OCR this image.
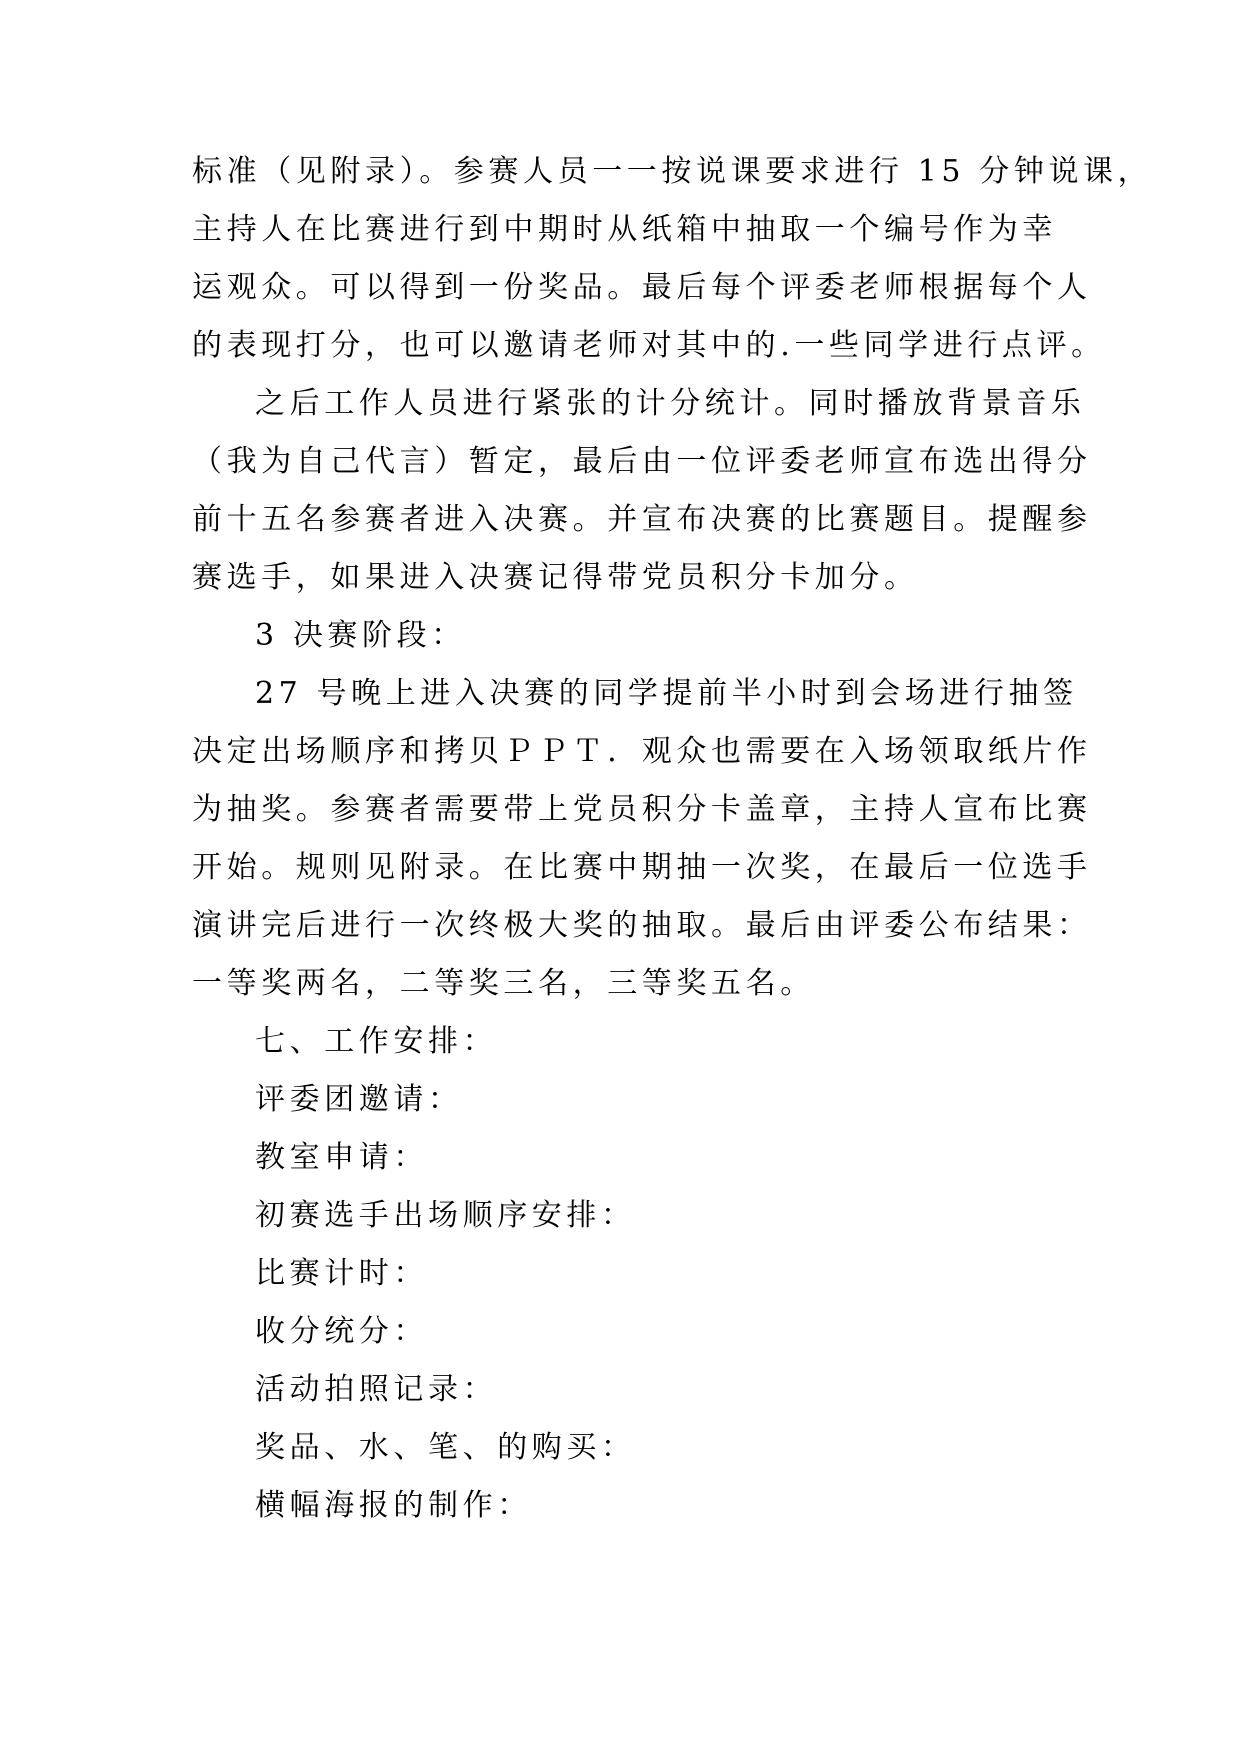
标准（见附录）。参赛人员一一按说课要求进行 15 分钟说课，
主持人在比赛进行到中期时从纸箱中抽取一个编号作为幸
运观众。可以得到一份奖品。最后每个评委老师根据每个人
的表现打分，也可以邀请老师对其中的.一些同学进行点评。
之后工作人员进行紧张的计分统计。同时播放背景音乐
（我为自己代言）暂定，最后由一位评委老师宣布选出得分
前十五名参赛者进入决赛。并宣布决赛的比赛题目。提醒参
赛选手，如果进入决赛记得带党员积分卡加分。
3 决赛阶段：
27 号晚上进入决赛的同学提前半小时到会场进行抽签
决定出场顺序和拷贝ＰＰＴ．观众也需要在入场领取纸片作
为抽奖。参赛者需要带上党员积分卡盖章，主持人宣布比赛
开始。规则见附录。在比赛中期抽一次奖，在最后一位选手
演讲完后进行一次终极大奖的抽取。最后由评委公布结果：
一等奖两名，二等奖三名，三等奖五名。
七、工作安排：
评委团邀请：
教室申请：
初赛选手出场顺序安排：
比赛计时：
收分统分：
活动拍照记录：
奖品、水、笔、的购买：
横幅海报的制作：
